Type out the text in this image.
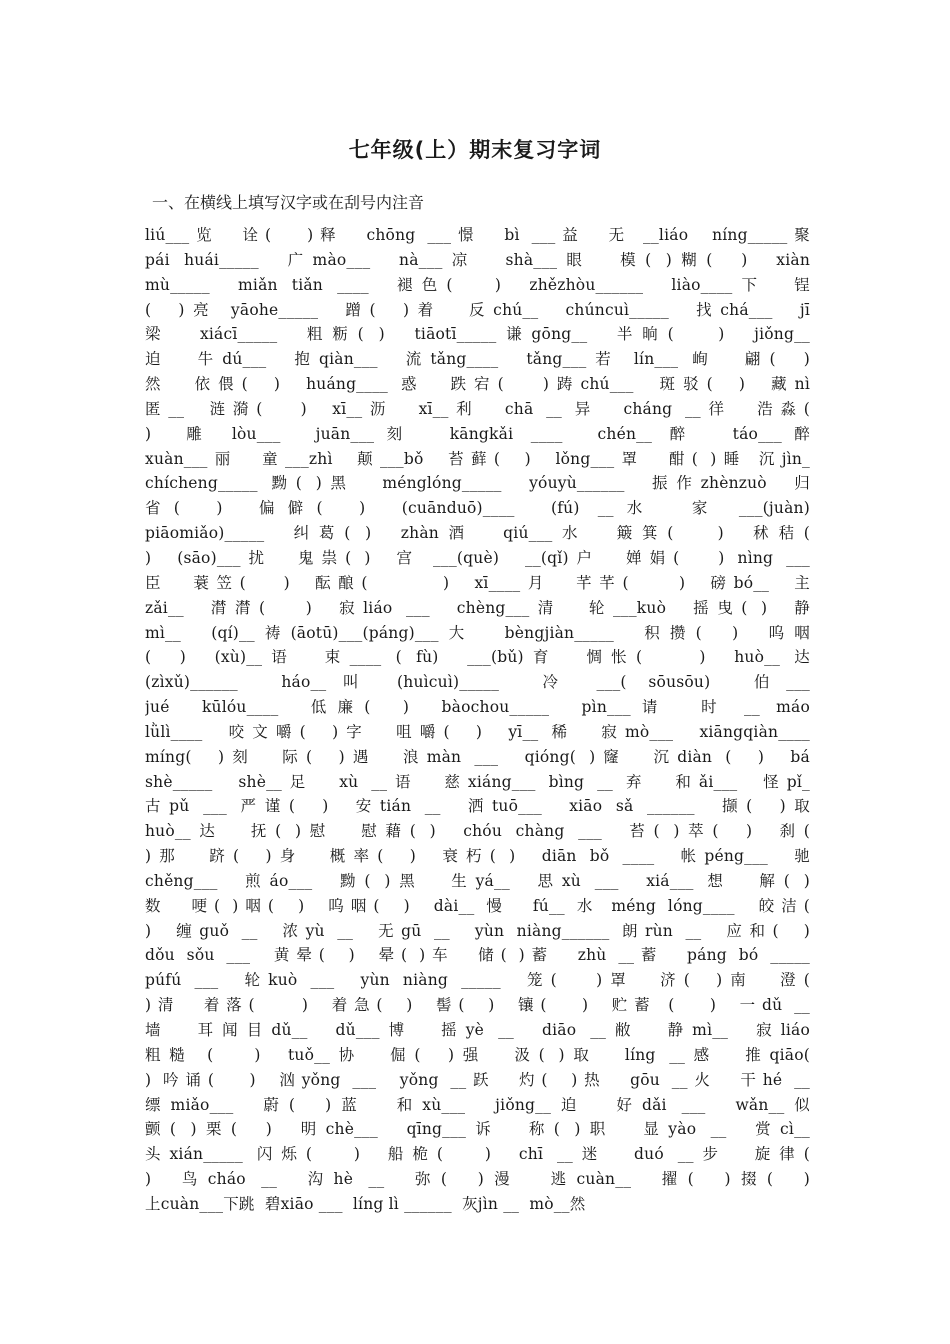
七年级(上）期末复习字词
一、在横线上填写汉字或在刮号内注音
liú___览  诠(   )释  chōng ___憬  bì ___益  无 __liáo  níng_____聚
pái huái_____  广mào___  nà___凉  shà___眼  模( )糊(  )  xiàn
mù_____  miǎn tiǎn ____  褪色(   )  zhězhòu______  liào____下  锃
(  )亮 yāohe_____  蹭(  )着  反chú__  chúncuì_____  找chá___  jī
梁  xiácī_____  粗粝( )  tiāotī_____谦gōng__  半晌(   )  jiǒng__
迫  牛dú___  抱qiàn___  流tǎng____  tǎng___若 lín___ 峋  翩(  )
然  依偎(  )  huáng____ 惑  跌宕(   )踌chú___  斑驳(  )  藏nì
匿__  涟漪(   )  xī__沥  xī__利  chā __ 异  cháng __徉  浩淼(
)  雕 lòu___  juān___刻  kāngkǎi ____  chén__ 醉  táo___醉
xuàn___丽  童___zhì  颠___bǒ  苔藓(  )  lǒng___罩  酣( )睡 沉jìn_
chícheng_____ 黝( )黑  ménglóng_____  yóuyù______  振作zhènzuò  归
省(  )  偏僻(  )  (cuānduō)____  (fú) __水  家 ___(juàn)
piāomiǎo)_____  纠葛( )  zhàn酒  qiú___水  簸箕(   )  秫秸(
)  (sāo)___扰  鬼祟( )  宫 ___(què)  __(qǐ)户  婵娟(   ) nìng ___
臣  蓑笠(   )  酝酿(      )  xī____月  芊芊(    )  磅bó__  主
zǎi__  潸潸(   )  寂liáo ___  chèng___清  轮___kuò  摇曳( )  静
mì__  (qí)__祷(āotū)___(páng)___大  bèngjiàn_____  积攒(  )  呜咽
(  )  (xù)__语  束____ ( fù)  ___(bǔ)育  惆怅(    )  huò__ 达
(zìxǔ)______  háo__叫 (huìcuì)_____  冷 ___( sōusōu)  伯___
jué  kūlóu____  低廉(  )  bàochou_____  pìn___请  时 __ máo
lǜlì____  咬文嚼(  )字  咀嚼(  )  yī__ 稀  寂mò___  xiāngqiàn____
míng(  )刻  际(  )遇  浪màn ___  qióng( )窿  沉diàn (  )  bá
shè_____  shè__足  xù __语  慈xiáng___ bìng __ 弃  和ǎi___  怪pǐ_
古pǔ ___ 严谨(  )  安tián __  洒tuō___  xiāo sǎ ______  撷(  )取
huò__达  抚( )慰  慰藉( )  chóu chàng ___  苔( )萃(  )  刹(
)那  跻(  )身  概率(  )  衰朽( )  diān bǒ ____  帐péng___  驰
chěng___  煎áo___  黝( )黑  生yá__  思xù ___  xiá___ 想  解( )
数  哽( )咽(  )  呜咽(  )  dài__ 慢  fú__ 水 méng lóng____  皎洁(
)  缠guǒ __  浓yù __  无gū __  yùn niàng______ 朗rùn __  应和(  )
dǒu sǒu ___  黄晕(  )  晕( )车  储( )蓄  zhù __蓄  páng bó _____
púfú ___  轮kuò ___  yùn niàng _____  笼(   )罩  济(  )南  澄(
)清  着落(    )  着急(  )  髻(  )  镶(   )  贮蓄 (   )  一dǔ __
墙  耳闻目dǔ__  dǔ___博  摇yè __  diāo __敝  静mì__  寂liáo
粗糙 (   )  tuǒ__协  倔(  )强  汲( )取  líng __感  推qiāo(
) 吟诵(   )  汹yǒng ___  yǒng __跃  灼(  )热  gōu __火  干hé __
缥miǎo___  蔚(  )蓝  和xù___  jiǒng__迫  好dǎi ___  wǎn__似
颤( )栗(  )  明chè___  qīng___诉  称( )职  显yào __  赏cì__
头xián_____ 闪烁(   )  船桅(   )  chī __迷  duó __步  旋律(
)  鸟cháo __  沟hè __  弥(  )漫  逃cuàn__  擢(  )掇(  )
上cuàn___下跳  碧xiāo ___  líng lì ______  灰jìn __  mò__然
